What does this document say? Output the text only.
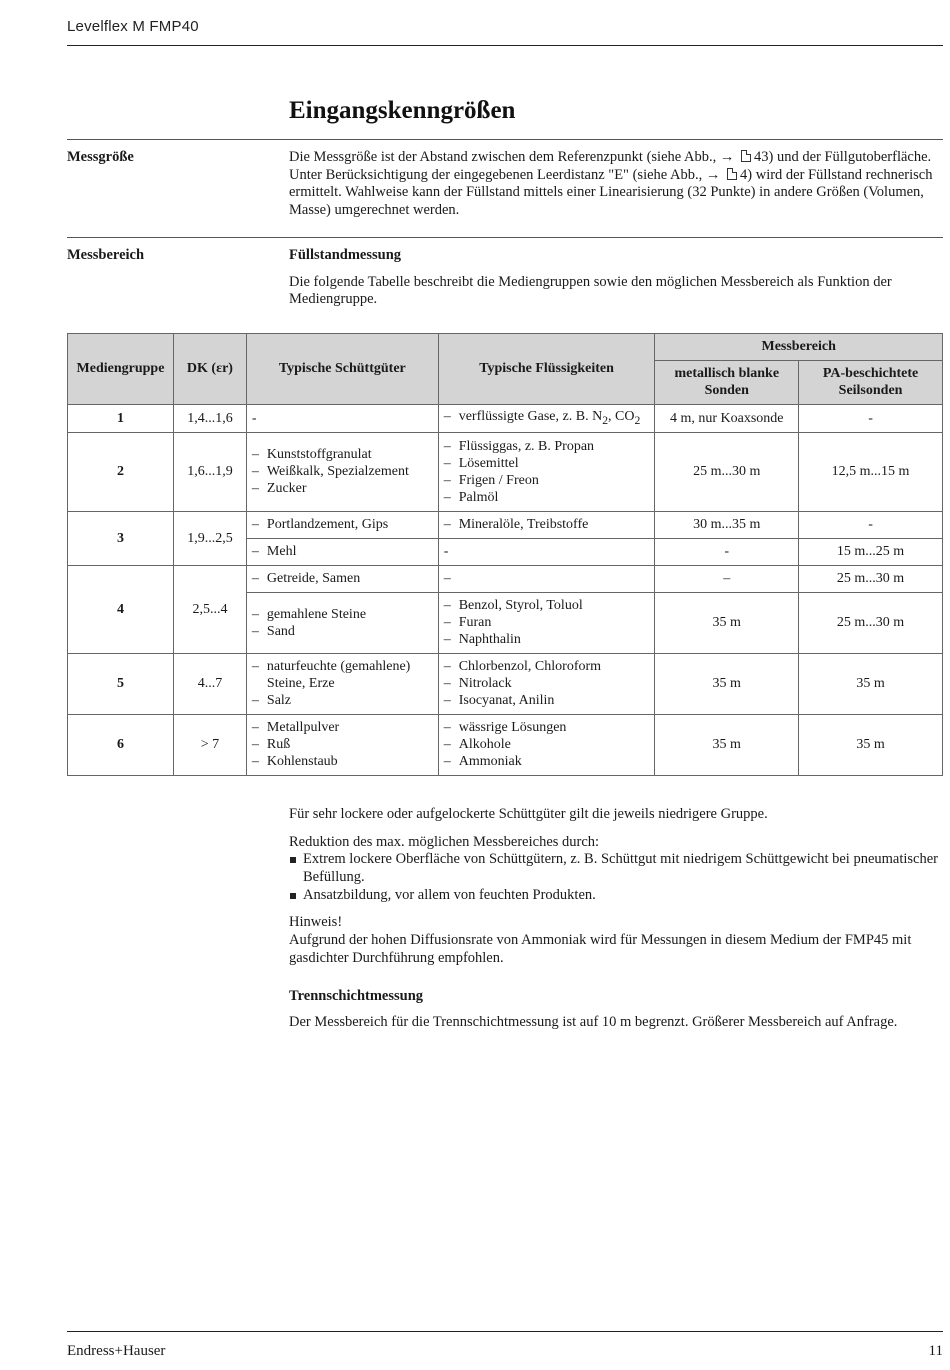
Levelflex M FMP40
Eingangskenngrößen
Messgröße	Die Messgröße ist der Abstand zwischen dem Referenzpunkt (siehe Abb., → 43) und der Füllgutoberfläche. Unter Berücksichtigung der eingegebenen Leerdistanz "E" (siehe Abb., → 4) wird der Füllstand rechnerisch ermittelt. Wahlweise kann der Füllstand mittels einer Linearisierung (32 Punkte) in andere Größen (Volumen, Masse) umgerechnet werden.

Messbereich	Füllstandmessung

Die folgende Tabelle beschreibt die Mediengruppen sowie den möglichen Messbereich als Funktion der Mediengruppe.

Mediengruppe	DK (εr)	Typische Schüttgüter	Typische Flüssigkeiten	Messbereich	
				metallisch blanke Sonden	PA-beschichtete Seilsonden
1	1,4...1,6	-	– verflüssigte Gase, z. B. $N_2$, $CO_2$	4 m, nur Koaxsonde	-
2	1,6...1,9	– Kunststoffgranulat
– Weißkalk, Spezialzement
– Zucker	– Flüssiggas, z. B. Propan
– Lösemittel
– Frigen / Freon
– Palmöl	25 m...30 m	12,5 m...15 m
3	1,9...2,5	– Portlandzement, Gips	– Mineralöle, Treibstoffe	30 m...35 m	-

		– Mehl	-	-	15 m...25 m
4	2,5...4	– Getreide, Samen	–	–	25 m...30 m

		– gemahlene Steine
– Sand	– Benzol, Styrol, Toluol
– Furan
– Naphthalin	35 m	25 m...30 m
5	4...7	– naturfeuchte (gemahlene)
Steine, Erze
– Salz	– Chlorbenzol, Chloroform
– Nitrolack
– Isocyanat, Anilin	35 m	35 m
6	> 7	– Metallpulver
– Ruß
– Kohlenstaub	– wässrige Lösungen
– Alkohole
– Ammoniak	35 m	35 m

Für sehr lockere oder aufgelockerte Schüttgüter gilt die jeweils niedrigere Gruppe.

Reduktion des max. möglichen Messbereiches durch:

Extrem lockere Oberfläche von Schüttgütern, z. B. Schüttgut mit niedrigem Schüttgewicht bei pneumatischer Befüllung.
Ansatzbildung, vor allem von feuchten Produkten.

Hinweis!

Aufgrund der hohen Diffusionsrate von Ammoniak wird für Messungen in diesem Medium der FMP45 mit gasdichter Durchführung empfohlen.

Trennschichtmessung

Der Messbereich für die Trennschichtmessung ist auf 10 m begrenzt. Größerer Messbereich auf Anfrage.

Endress+Hauser	11
